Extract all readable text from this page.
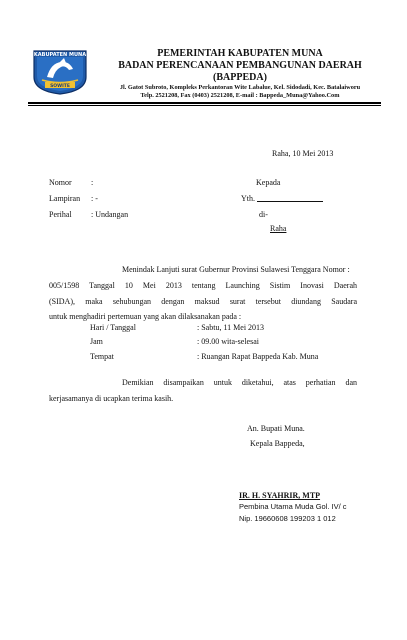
KABUPATEN MUNA
SOWITE
PEMERINTAH KABUPATEN MUNA
BADAN PERENCANAAN PEMBANGUNAN DAERAH
(BAPPEDA)
Jl. Gatot Subroto, Kompleks Perkantoran Wite Labalue, Kel. Sidodadi, Kec. Batalaiworu
Telp. 2521208, Fax (0403) 2521208, E-mail : Bappeda_Muna@Yahoo.Com
Raha, 10 Mei 2013
Nomor :
Lampiran : -
Perihal : Undangan
Kepada
Yth.
di-
Raha
Menindak Lanjuti surat Gubernur Provinsi Sulawesi Tenggara Nomor :
005/1598 Tanggal 10 Mei 2013 tentang Launching Sistim Inovasi Daerah
(SIDA), maka sehubungan dengan maksud surat tersebut diundang Saudara
untuk menghadiri pertemuan yang akan dilaksanakan pada :
Hari / Tanggal	: Sabtu, 11 Mei 2013
Jam	: 09.00 wita-selesai
Tempat	: Ruangan Rapat Bappeda Kab. Muna
Demikian disampaikan untuk diketahui, atas perhatian dan
kerjasamanya di ucapkan terima kasih.
An. Bupati Muna.
Kepala Bappeda,
IR. H. SYAHRIR, MTP
Pembina Utama Muda Gol. IV/ c
Nip. 19660608 199203 1 012
